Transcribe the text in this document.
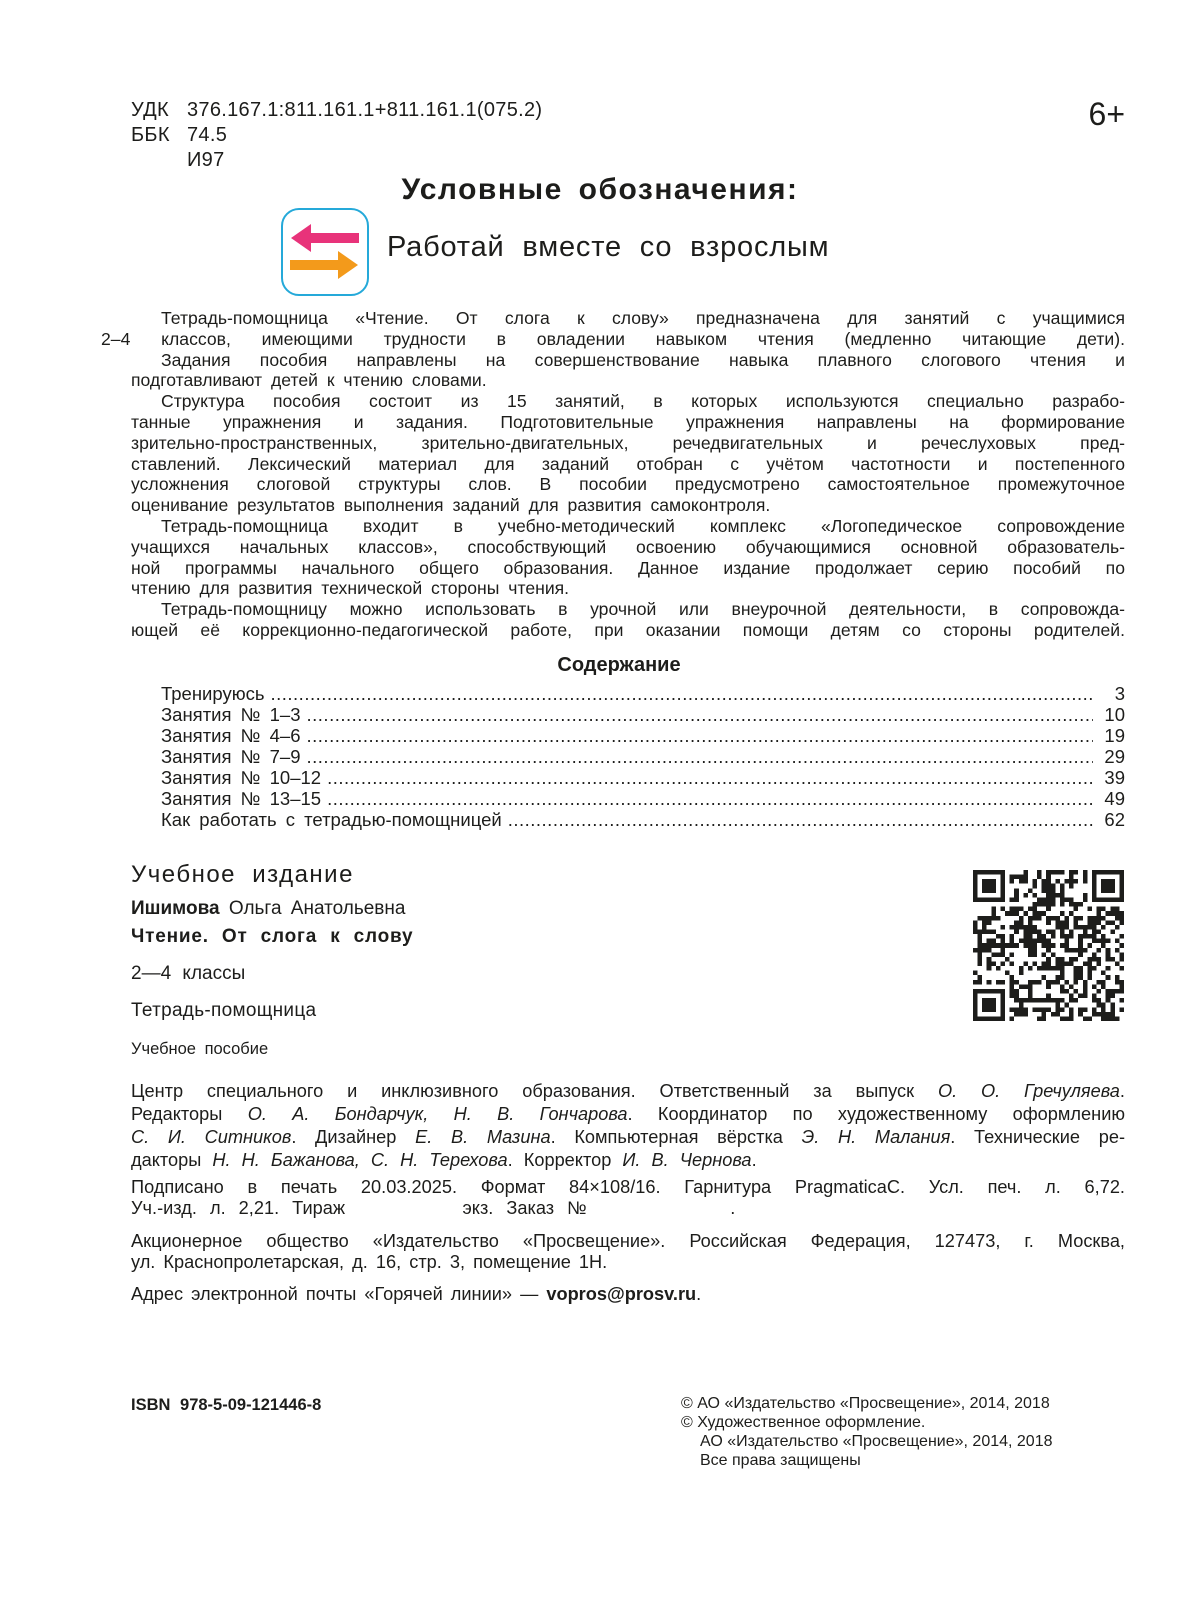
УДК 376.167.1:811.161.1+811.161.1(075.2)
ББК 74.5
И97
6+
Условные обозначения:
Работай вместе со взрослым

Тетрадь-помощница «Чтение. От слога к слову» предназначена для занятий с учащимися
2–4 классов, имеющими трудности в овладении навыком чтения (медленно читающие дети).

Задания пособия направлены на совершенствование навыка плавного слогового чтения и
подготавливают детей к чтению словами.

Структура пособия состоит из 15 занятий, в которых используются специально разрабо-
танные упражнения и задания. Подготовительные упражнения направлены на формирование
зрительно-пространственных, зрительно-двигательных, речедвигательных и речеслуховых пред-
ставлений. Лексический материал для заданий отобран с учётом частотности и постепенного
усложнения слоговой структуры слов. В пособии предусмотрено самостоятельное промежуточное
оценивание результатов выполнения заданий для развития самоконтроля.

Тетрадь-помощница входит в учебно-методический комплекс «Логопедическое сопровождение
учащихся начальных классов», способствующий освоению обучающимися основной образователь-
ной программы начального общего образования. Данное издание продолжает серию пособий по
чтению для развития технической стороны чтения.

Тетрадь-помощницу можно использовать в урочной или внеурочной деятельности, в сопровожда-
ющей её коррекционно-педагогической работе, при оказании помощи детям со стороны родителей.

Содержание
Тренируюсь .....	3
Занятия № 1–3 .....	10
Занятия № 4–6 .....	19
Занятия № 7–9 .....	29
Занятия № 10–12 .....	39
Занятия № 13–15 .....	49
Как работать с тетрадью-помощницей .....	62
Учебное издание
Ишимова Ольга Анатольевна
Чтение. От слога к слову
2—4 классы
Тетрадь-помощница
Учебное пособие
Центр специального и инклюзивного образования. Ответственный за выпуск О. О. Гречуляева.
Редакторы О. А. Бондарчук, Н. В. Гончарова. Координатор по художественному оформлению
С. И. Ситников. Дизайнер Е. В. Мазина. Компьютерная вёрстка Э. Н. Малания. Технические ре-
дакторы Н. Н. Бажанова, С. Н. Терехова. Корректор И. В. Чернова.
Подписано в печать 20.03.2025. Формат 84×108/16. Гарнитура PragmaticaC. Усл. печ. л. 6,72.
Уч.-изд. л. 2,21. Тираж         экз. Заказ №           .
Акционерное общество «Издательство «Просвещение». Российская Федерация, 127473, г. Москва,
ул. Краснопролетарская, д. 16, стр. 3, помещение 1Н.
Адрес электронной почты «Горячей линии» — vopros@prosv.ru.
ISBN 978-5-09-121446-8	© АО «Издательство «Просвещение», 2014, 2018
© Художественное оформление.
АО «Издательство «Просвещение», 2014, 2018
Все права защищены
